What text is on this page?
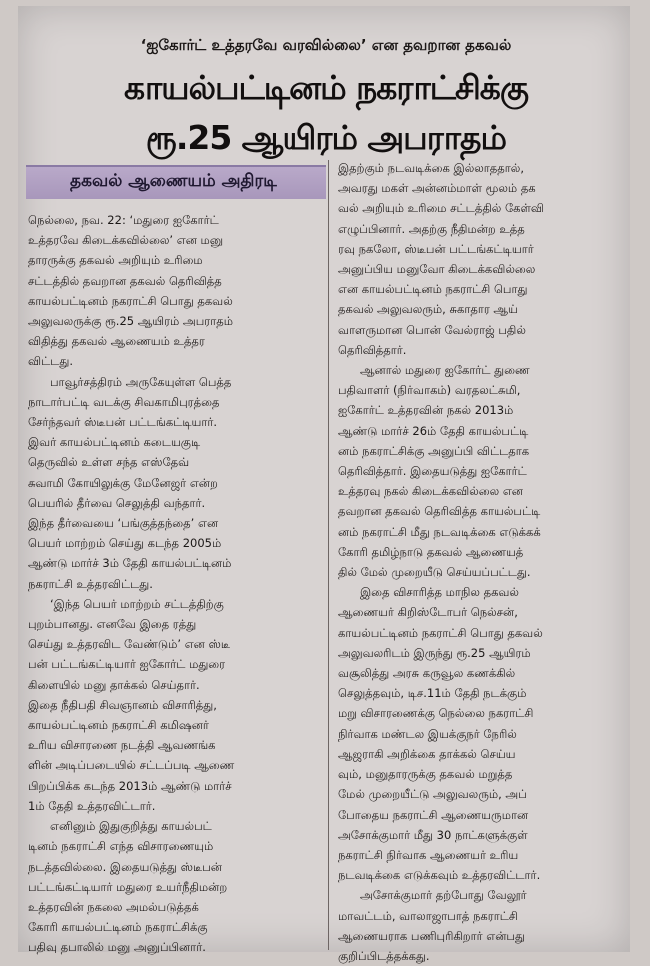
‘ஐகோர்ட் உத்தரவே வரவில்லை’ என தவறான தகவல்
காயல்பட்டினம் நகராட்சிக்கு
ரூ.25 ஆயிரம் அபராதம்
தகவல் ஆணையம் அதிரடி
நெல்லை, நவ. 22: ‘மதுரை ஐகோர்ட்
உத்தரவே கிடைக்கவில்லை’ என மனு
தாரருக்கு தகவல் அறியும் உரிமை
சட்டத்தில் தவறான தகவல் தெரிவித்த
காயல்பட்டினம் நகராட்சி பொது தகவல்
அலுவலருக்கு ரூ.25 ஆயிரம் அபராதம்
விதித்து தகவல் ஆணையம் உத்தர
விட்டது.
பாவூர்சத்திரம் அருகேயுள்ள பெத்த
நாடார்பட்டி வடக்கு சிவகாமிபுரத்தை
சேர்ந்தவர் ஸ்டீபன் பட்டங்கட்டியார்.
இவர் காயல்பட்டினம் கடையகுடி
தெருவில் உள்ள சந்த எஸ்தேவ்
சுவாமி கோயிலுக்கு மேனேஜர் என்ற
பெயரில் தீர்வை செலுத்தி வந்தார்.
இந்த தீர்வையை ‘பங்குத்தந்தை’ என
பெயர் மாற்றம் செய்து கடந்த 2005ம்
ஆண்டு மார்ச் 3ம் தேதி காயல்பட்டினம்
நகராட்சி உத்தரவிட்டது.
‘இந்த பெயர் மாற்றம் சட்டத்திற்கு
புறம்பானது. எனவே இதை ரத்து
செய்து உத்தரவிட வேண்டும்’ என ஸ்டீ
பன் பட்டங்கட்டியார் ஐகோர்ட் மதுரை
கிளையில் மனு தாக்கல் செய்தார்.
இதை நீதிபதி சிவஞானம் விசாரித்து,
காயல்பட்டினம் நகராட்சி கமிஷனர்
உரிய விசாரணை நடத்தி ஆவணங்க
ளின் அடிப்படையில் சட்டப்படி ஆணை
பிறப்பிக்க கடந்த 2013ம் ஆண்டு மார்ச்
1ம் தேதி உத்தரவிட்டார்.
எனினும் இதுகுறித்து காயல்பட்
டினம் நகராட்சி எந்த விசாரணையும்
நடத்தவில்லை. இதையடுத்து ஸ்டீபன்
பட்டங்கட்டியார் மதுரை உயர்நீதிமன்ற
உத்தரவின் நகலை அமல்படுத்தக்
கோரி காயல்பட்டினம் நகராட்சிக்கு
பதிவு தபாலில் மனு அனுப்பினார்.
இதற்கும் நடவடிக்கை இல்லாததால்,
அவரது மகள் அன்னம்மாள் மூலம் தக
வல் அறியும் உரிமை சட்டத்தில் கேள்வி
எழுப்பினார். அதற்கு நீதிமன்ற உத்த
ரவு நகலோ, ஸ்டீபன் பட்டங்கட்டியார்
அனுப்பிய மனுவோ கிடைக்கவில்லை
என காயல்பட்டினம் நகராட்சி பொது
தகவல் அலுவலரும், சுகாதார ஆய்
வாளருமான பொன் வேல்ராஜ் பதில்
தெரிவித்தார்.
ஆனால் மதுரை ஐகோர்ட் துணை
பதிவாளர் (நிர்வாகம்) வரதலட்சுமி,
ஐகோர்ட் உத்தரவின் நகல் 2013ம்
ஆண்டு மார்ச் 26ம் தேதி காயல்பட்டி
னம் நகராட்சிக்கு அனுப்பி விட்டதாக
தெரிவித்தார். இதையடுத்து ஐகோர்ட்
உத்தரவு நகல் கிடைக்கவில்லை என
தவறான தகவல் தெரிவித்த காயல்பட்டி
னம் நகராட்சி மீது நடவடிக்கை எடுக்கக்
கோரி தமிழ்நாடு தகவல் ஆணையத்
தில் மேல் முறையீடு செய்யப்பட்டது.
இதை விசாரித்த மாநில தகவல்
ஆணையர் கிறிஸ்டோபர் நெல்சன்,
காயல்பட்டினம் நகராட்சி பொது தகவல்
அலுவலரிடம் இருந்து ரூ.25 ஆயிரம்
வசூலித்து அரசு கருவூல கணக்கில்
செலுத்தவும், டிச.11ம் தேதி நடக்கும்
மறு விசாரணைக்கு நெல்லை நகராட்சி
நிர்வாக மண்டல இயக்குநர் நேரில்
ஆஜராகி அறிக்கை தாக்கல் செய்ய
வும், மனுதாரருக்கு தகவல் மறுத்த
மேல் முறையீட்டு அலுவலரும், அப்
போதைய நகராட்சி ஆணையருமான
அசோக்குமார் மீது 30 நாட்களுக்குள்
நகராட்சி நிர்வாக ஆணையர் உரிய
நடவடிக்கை எடுக்கவும் உத்தரவிட்டார்.
அசோக்குமார் தற்போது வேலூர்
மாவட்டம், வாலாஜாபாத் நகராட்சி
ஆணையராக பணிபுரிகிறார் என்பது
குறிப்பிடத்தக்கது.
